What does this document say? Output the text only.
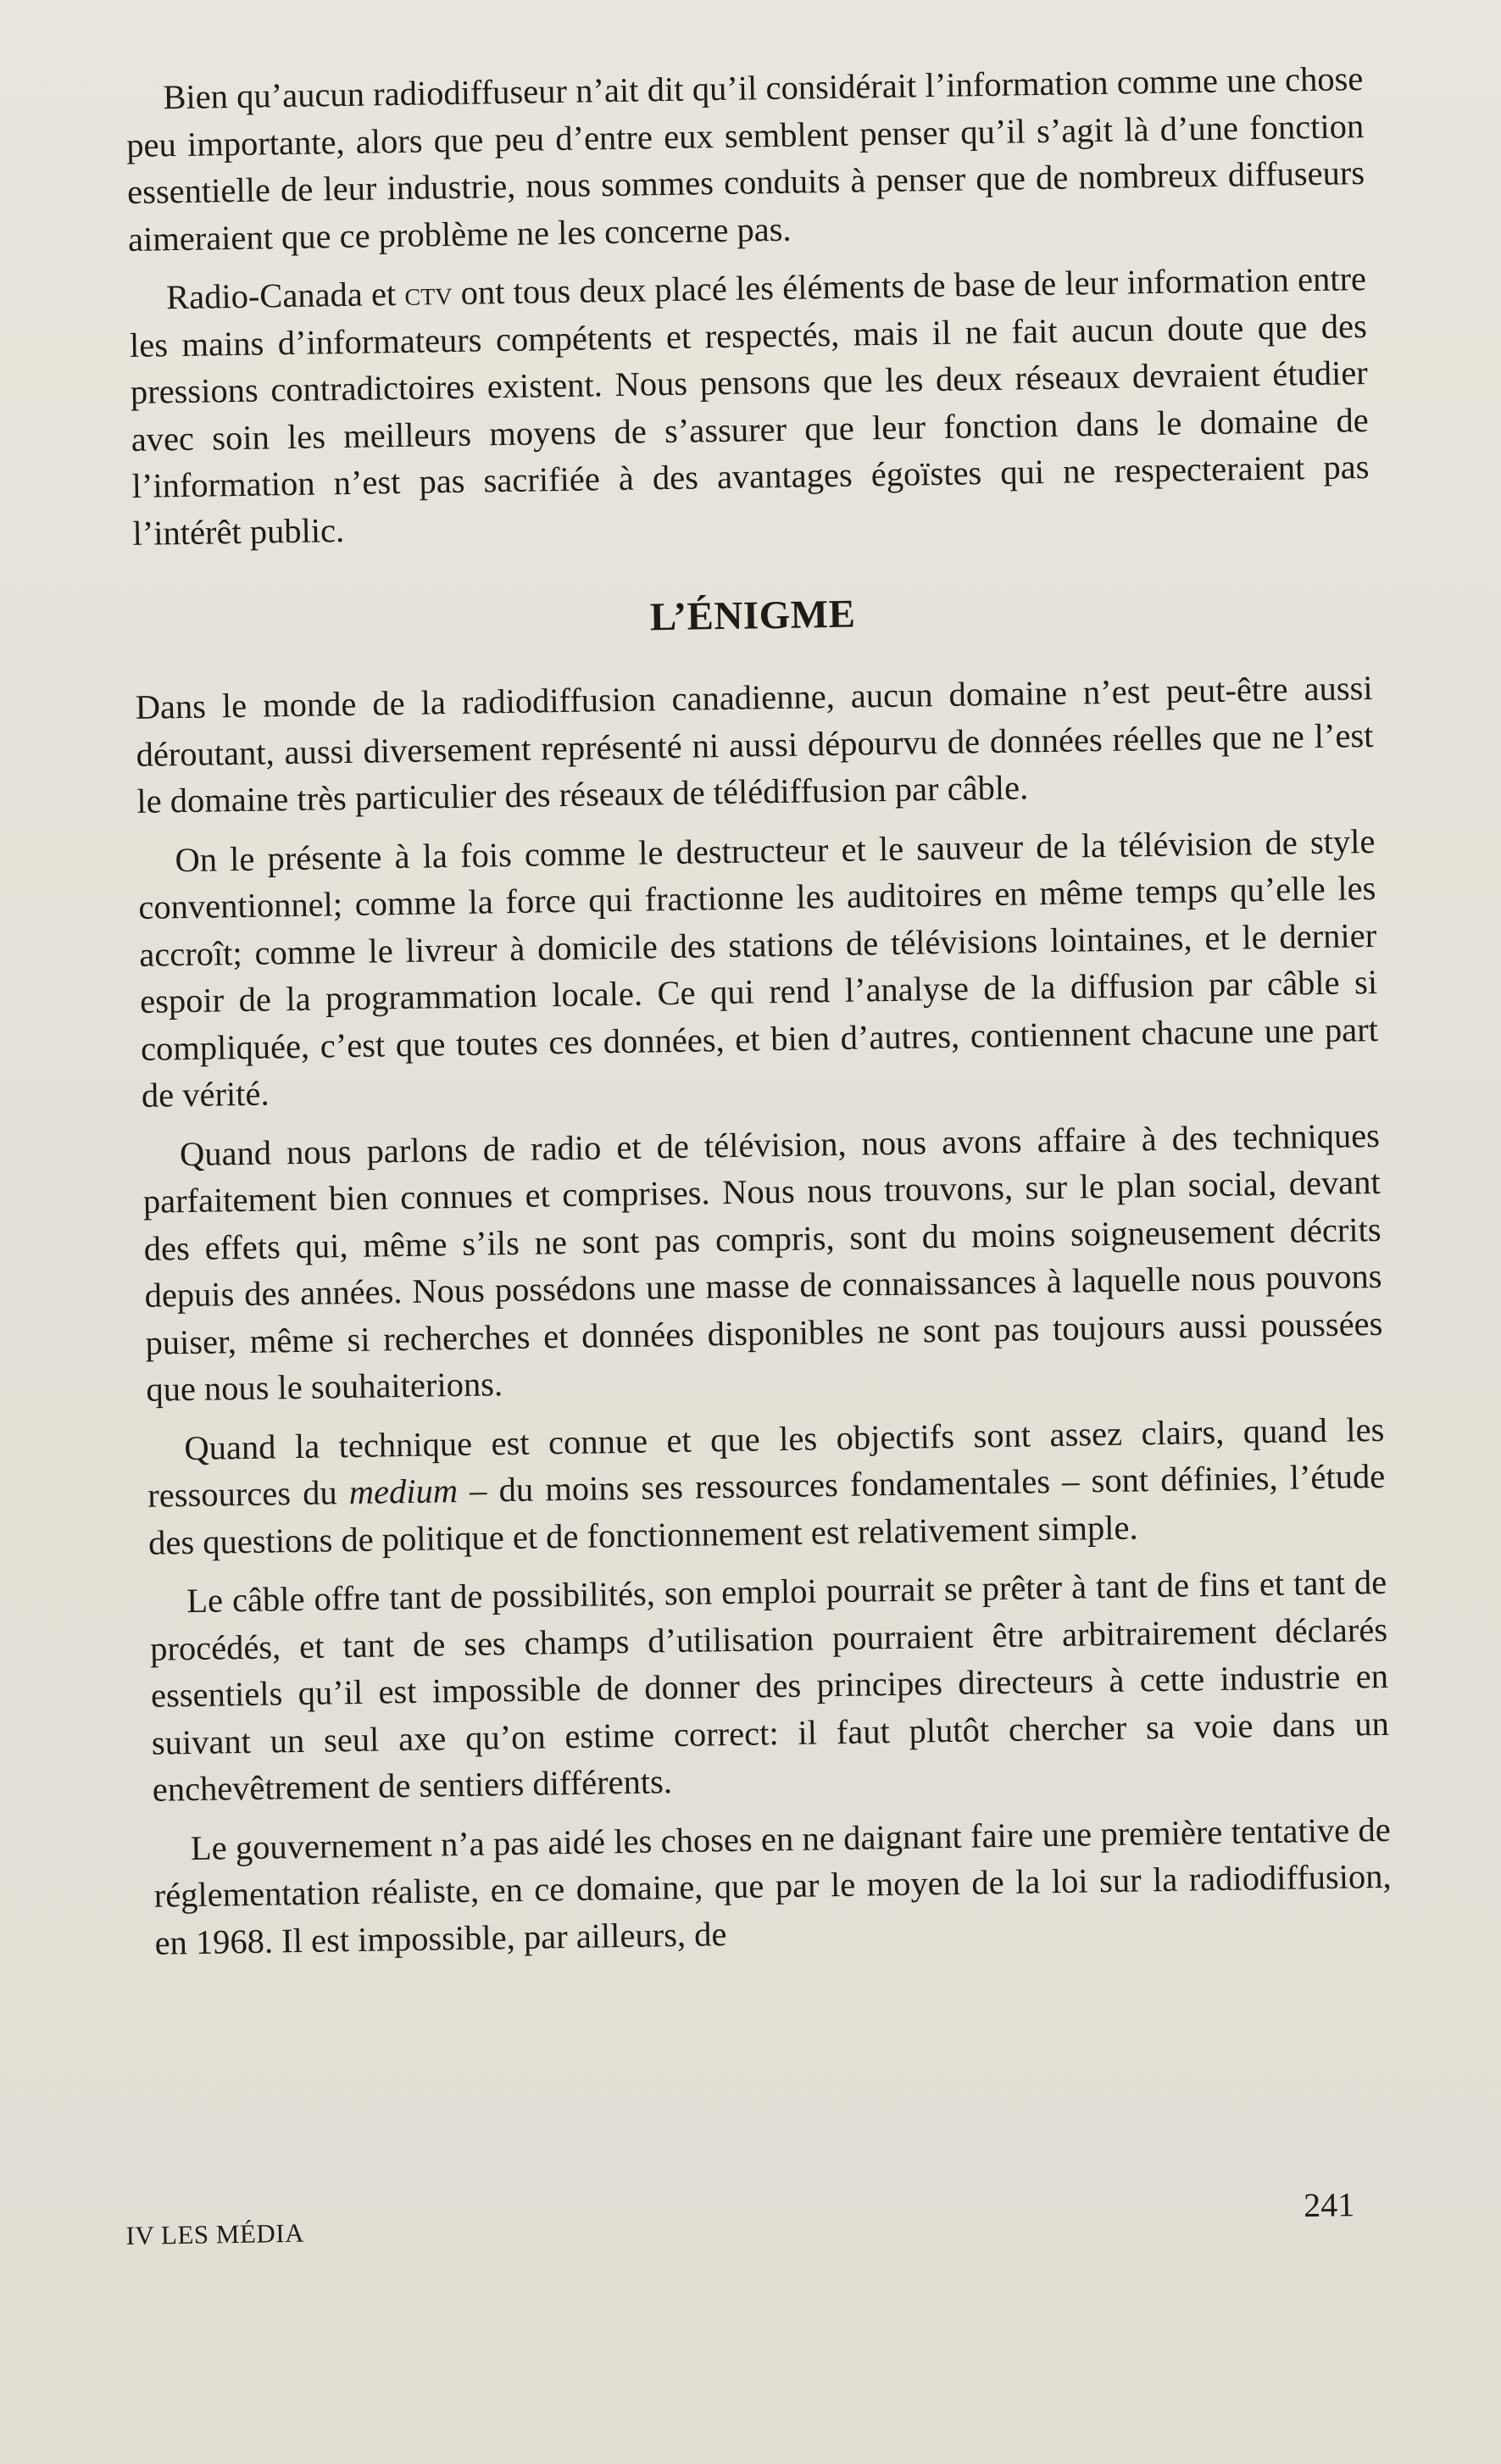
Bien qu’aucun radiodiffuseur n’ait dit qu’il considérait l’information comme une chose peu importante, alors que peu d’entre eux semblent penser qu’il s’agit là d’une fonction essentielle de leur industrie, nous sommes conduits à penser que de nombreux diffuseurs aimeraient que ce problème ne les concerne pas.

Radio-Canada et ctv ont tous deux placé les éléments de base de leur information entre les mains d’informateurs compétents et respectés, mais il ne fait aucun doute que des pressions contradictoires existent. Nous pensons que les deux réseaux devraient étudier avec soin les meilleurs moyens de s’assurer que leur fonction dans le domaine de l’information n’est pas sacrifiée à des avantages égoïstes qui ne respecteraient pas l’intérêt public.

L’ÉNIGME

Dans le monde de la radiodiffusion canadienne, aucun domaine n’est peut-être aussi déroutant, aussi diversement représenté ni aussi dépourvu de données réelles que ne l’est le domaine très particulier des réseaux de télédiffusion par câble.

On le présente à la fois comme le destructeur et le sauveur de la télévision de style conventionnel; comme la force qui fractionne les auditoires en même temps qu’elle les accroît; comme le livreur à domicile des stations de télévisions lointaines, et le dernier espoir de la programmation locale. Ce qui rend l’analyse de la diffusion par câble si compliquée, c’est que toutes ces données, et bien d’autres, contiennent chacune une part de vérité.

Quand nous parlons de radio et de télévision, nous avons affaire à des techniques parfaitement bien connues et comprises. Nous nous trouvons, sur le plan social, devant des effets qui, même s’ils ne sont pas compris, sont du moins soigneusement décrits depuis des années. Nous possédons une masse de connaissances à laquelle nous pouvons puiser, même si recherches et données disponibles ne sont pas toujours aussi poussées que nous le souhaiterions.

Quand la technique est connue et que les objectifs sont assez clairs, quand les ressources du medium – du moins ses ressources fondamentales – sont définies, l’étude des questions de politique et de fonctionnement est relativement simple.

Le câble offre tant de possibilités, son emploi pourrait se prêter à tant de fins et tant de procédés, et tant de ses champs d’utilisation pourraient être arbitrairement déclarés essentiels qu’il est impossible de donner des principes directeurs à cette industrie en suivant un seul axe qu’on estime correct: il faut plutôt chercher sa voie dans un enchevêtrement de sentiers différents.

Le gouvernement n’a pas aidé les choses en ne daignant faire une première tentative de réglementation réaliste, en ce domaine, que par le moyen de la loi sur la radiodiffusion, en 1968. Il est impossible, par ailleurs, de

IV LES MÉDIA
241
